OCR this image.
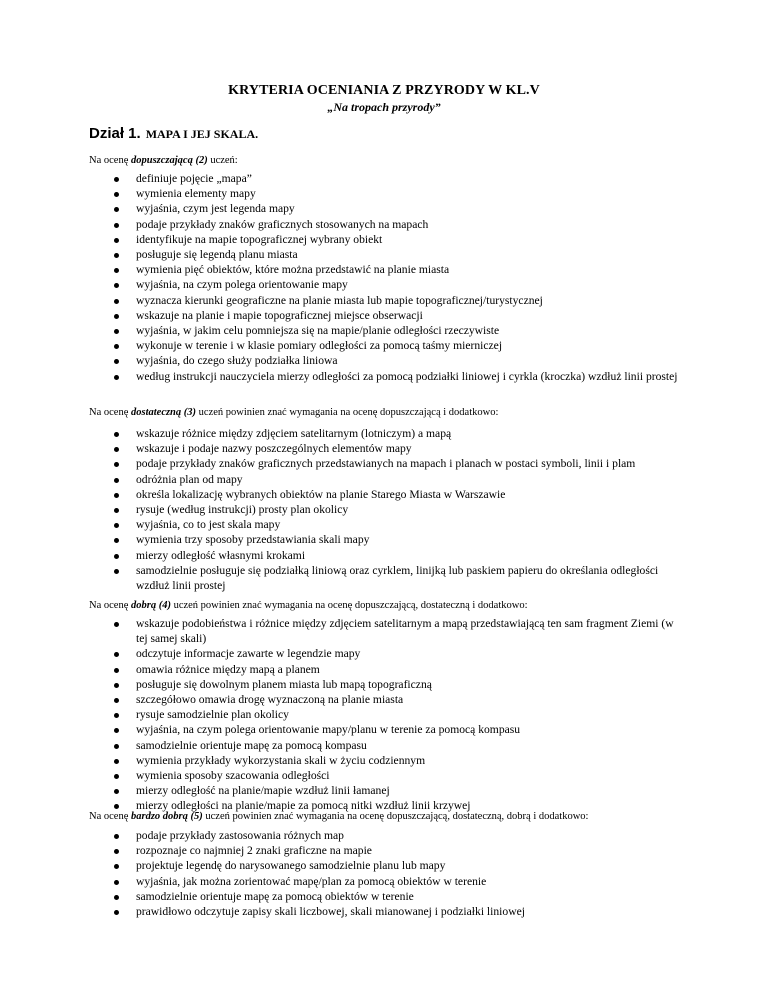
KRYTERIA OCENIANIA Z PRZYRODY W KL.V
„Na tropach przyrody”
Dział 1. MAPA I JEJ SKALA.
Na ocenę dopuszczającą (2) uczeń:
definiuje pojęcie „mapa”
wymienia elementy mapy
wyjaśnia, czym jest legenda mapy
podaje przykłady znaków graficznych stosowanych na mapach
identyfikuje na mapie topograficznej wybrany obiekt
posługuje się legendą planu miasta
wymienia pięć obiektów, które można przedstawić na planie miasta
wyjaśnia, na czym polega orientowanie mapy
wyznacza kierunki geograficzne na planie miasta lub mapie topograficznej/turystycznej
wskazuje na planie i mapie topograficznej miejsce obserwacji
wyjaśnia, w jakim celu pomniejsza się na mapie/planie odległości rzeczywiste
wykonuje w terenie i w klasie pomiary odległości za pomocą taśmy mierniczej
wyjaśnia, do czego służy podziałka liniowa
według instrukcji nauczyciela mierzy odległości za pomocą podziałki liniowej i cyrkla (kroczka) wzdłuż linii prostej
Na ocenę dostateczną (3) uczeń powinien znać wymagania na ocenę dopuszczającą i dodatkowo:
wskazuje różnice między zdjęciem satelitarnym (lotniczym) a mapą
wskazuje i podaje nazwy poszczególnych elementów mapy
podaje przykłady znaków graficznych przedstawianych na mapach i planach w postaci symboli, linii i plam
odróżnia plan od mapy
określa lokalizację wybranych obiektów na planie Starego Miasta w Warszawie
rysuje (według instrukcji) prosty plan okolicy
wyjaśnia, co to jest skala mapy
wymienia trzy sposoby przedstawiania skali mapy
mierzy odległość własnymi krokami
samodzielnie posługuje się podziałką liniową oraz cyrklem, linijką lub paskiem papieru do określania odległości wzdłuż linii prostej
Na ocenę dobrą (4) uczeń powinien znać wymagania na ocenę dopuszczającą, dostateczną i dodatkowo:
wskazuje podobieństwa i różnice między zdjęciem satelitarnym a mapą przedstawiającą ten sam fragment Ziemi (w tej samej skali)
odczytuje informacje zawarte w legendzie mapy
omawia różnice między mapą a planem
posługuje się dowolnym planem miasta lub mapą topograficzną
szczegółowo omawia drogę wyznaczoną na planie miasta
rysuje samodzielnie plan okolicy
wyjaśnia, na czym polega orientowanie mapy/planu w terenie za pomocą kompasu
samodzielnie orientuje mapę za pomocą kompasu
wymienia przykłady wykorzystania skali w życiu codziennym
wymienia sposoby szacowania odległości
mierzy odległość na planie/mapie wzdłuż linii łamanej
mierzy odległości na planie/mapie za pomocą nitki wzdłuż linii krzywej
Na ocenę bardzo dobrą (5) uczeń powinien znać wymagania na ocenę dopuszczającą, dostateczną, dobrą i dodatkowo:
podaje przykłady zastosowania różnych map
rozpoznaje co najmniej 2 znaki graficzne na mapie
projektuje legendę do narysowanego samodzielnie planu lub mapy
wyjaśnia, jak można zorientować mapę/plan za pomocą obiektów w terenie
samodzielnie orientuje mapę za pomocą obiektów w terenie
prawidłowo odczytuje zapisy skali liczbowej, skali mianowanej i podziałki liniowej
